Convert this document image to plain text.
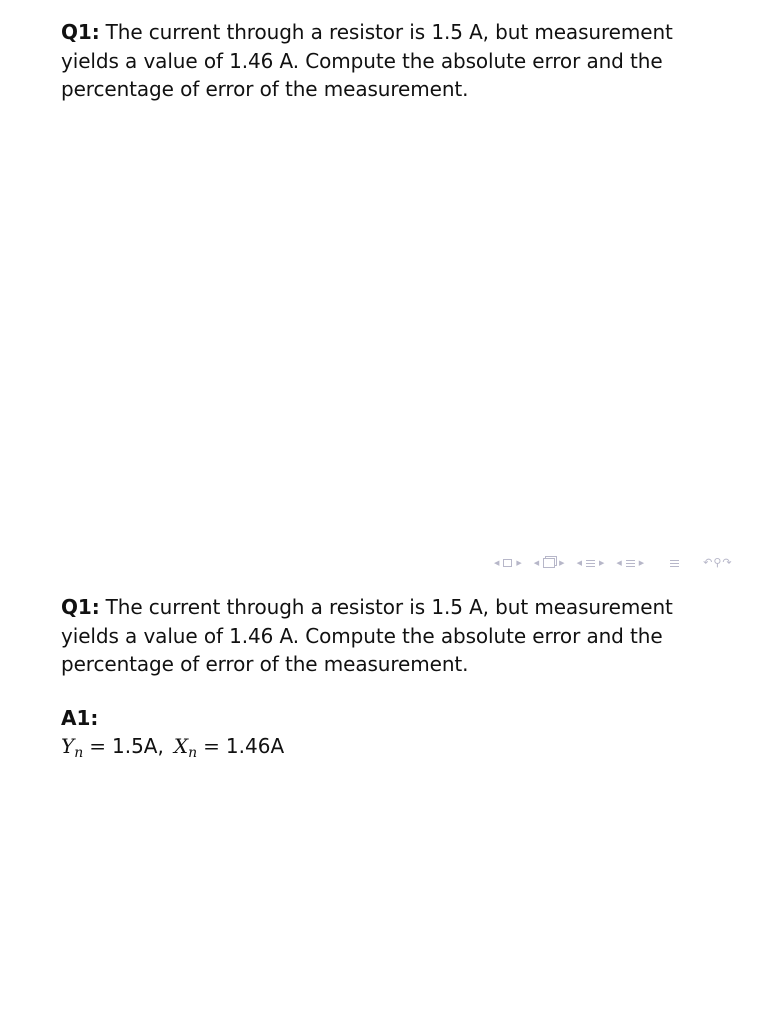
Q1: The current through a resistor is 1.5 A, but measurement yields a value of 1.46 A. Compute the absolute error and the percentage of error of the measurement.
◀ ▶ ◀	▶ ◀ ▶ ◀ ▶	↶ ⚲ ↷
Q1: The current through a resistor is 1.5 A, but measurement yields a value of 1.46 A. Compute the absolute error and the percentage of error of the measurement.
A1:
$Y_n = 1.5A$, $X_n = 1.46A$
